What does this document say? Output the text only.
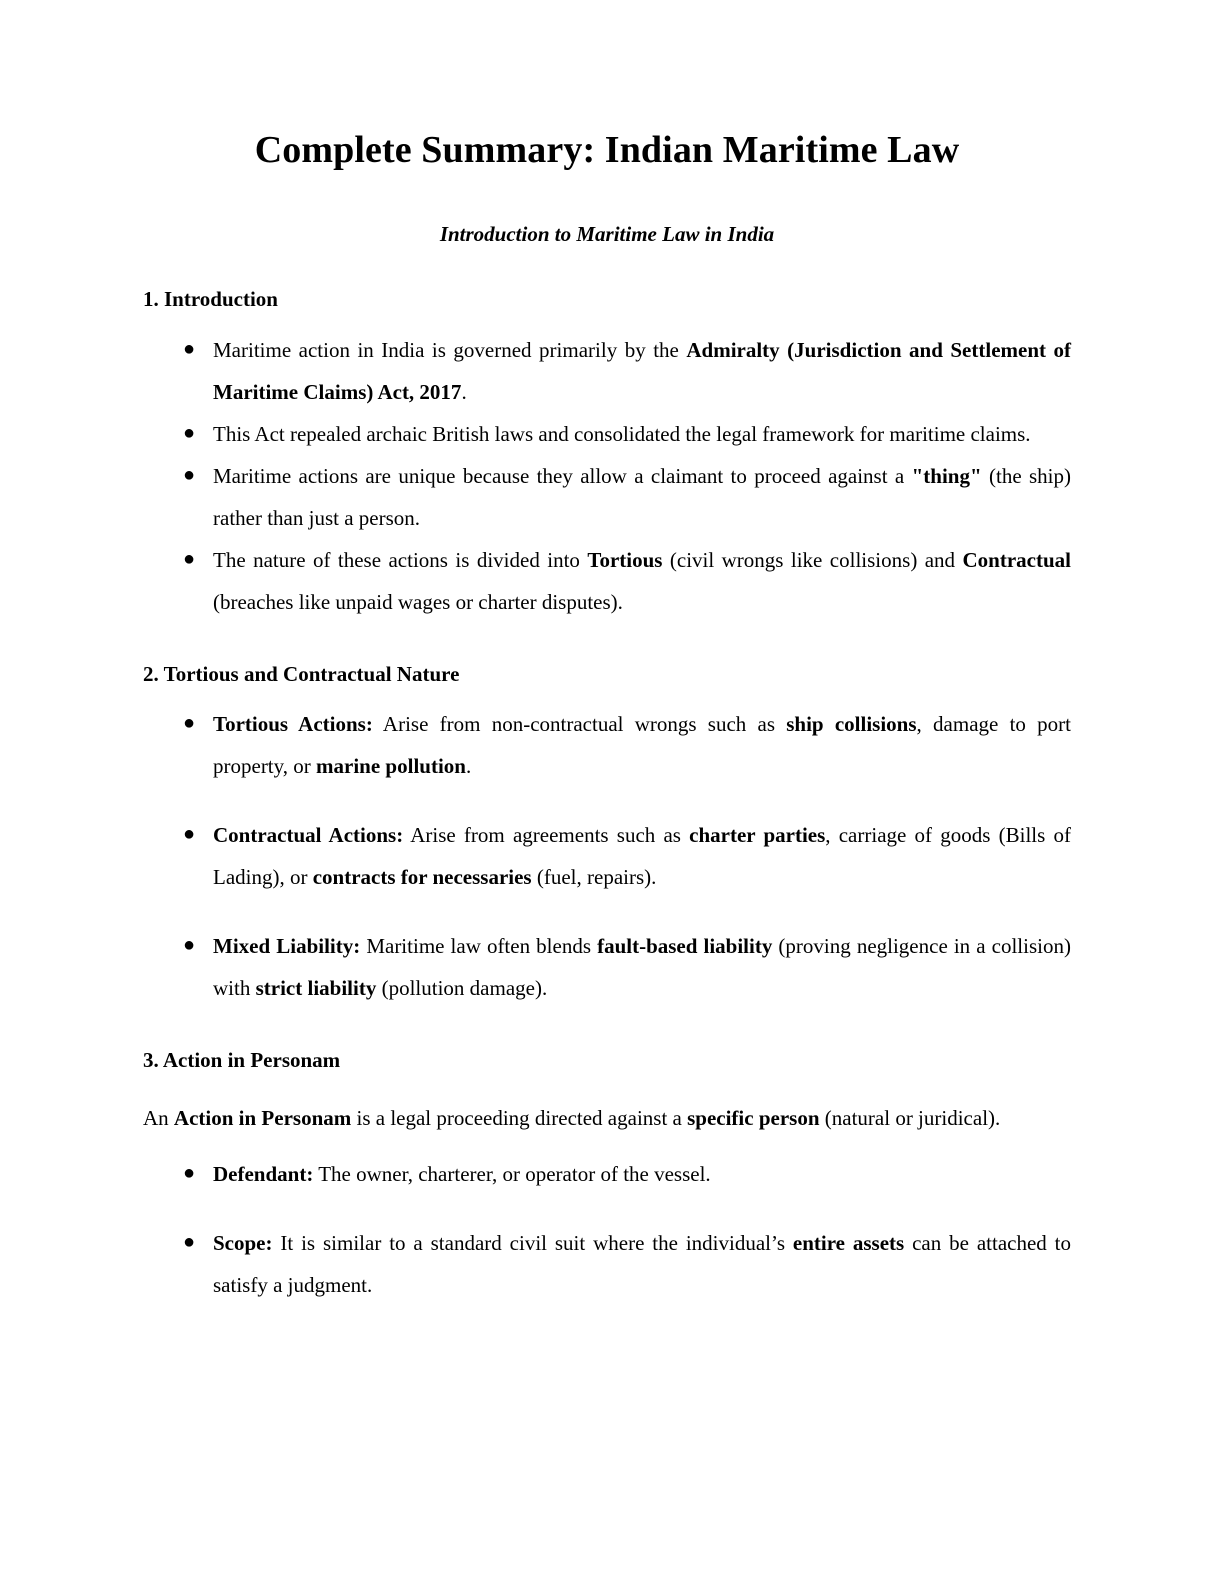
Complete Summary: Indian Maritime Law
Introduction to Maritime Law in India
1. Introduction
● Maritime action in India is governed primarily by the Admiralty (Jurisdiction and Settlement of Maritime Claims) Act, 2017.
● This Act repealed archaic British laws and consolidated the legal framework for maritime claims.
● Maritime actions are unique because they allow a claimant to proceed against a "thing" (the ship) rather than just a person.
● The nature of these actions is divided into Tortious (civil wrongs like collisions) and Contractual (breaches like unpaid wages or charter disputes).
2. Tortious and Contractual Nature
● Tortious Actions: Arise from non-contractual wrongs such as ship collisions, damage to port property, or marine pollution.
● Contractual Actions: Arise from agreements such as charter parties, carriage of goods (Bills of Lading), or contracts for necessaries (fuel, repairs).
● Mixed Liability: Maritime law often blends fault-based liability (proving negligence in a collision) with strict liability (pollution damage).
3. Action in Personam

An Action in Personam is a legal proceeding directed against a specific person (natural or juridical).

● Defendant: The owner, charterer, or operator of the vessel.
● Scope: It is similar to a standard civil suit where the individual’s entire assets can be attached to satisfy a judgment.
